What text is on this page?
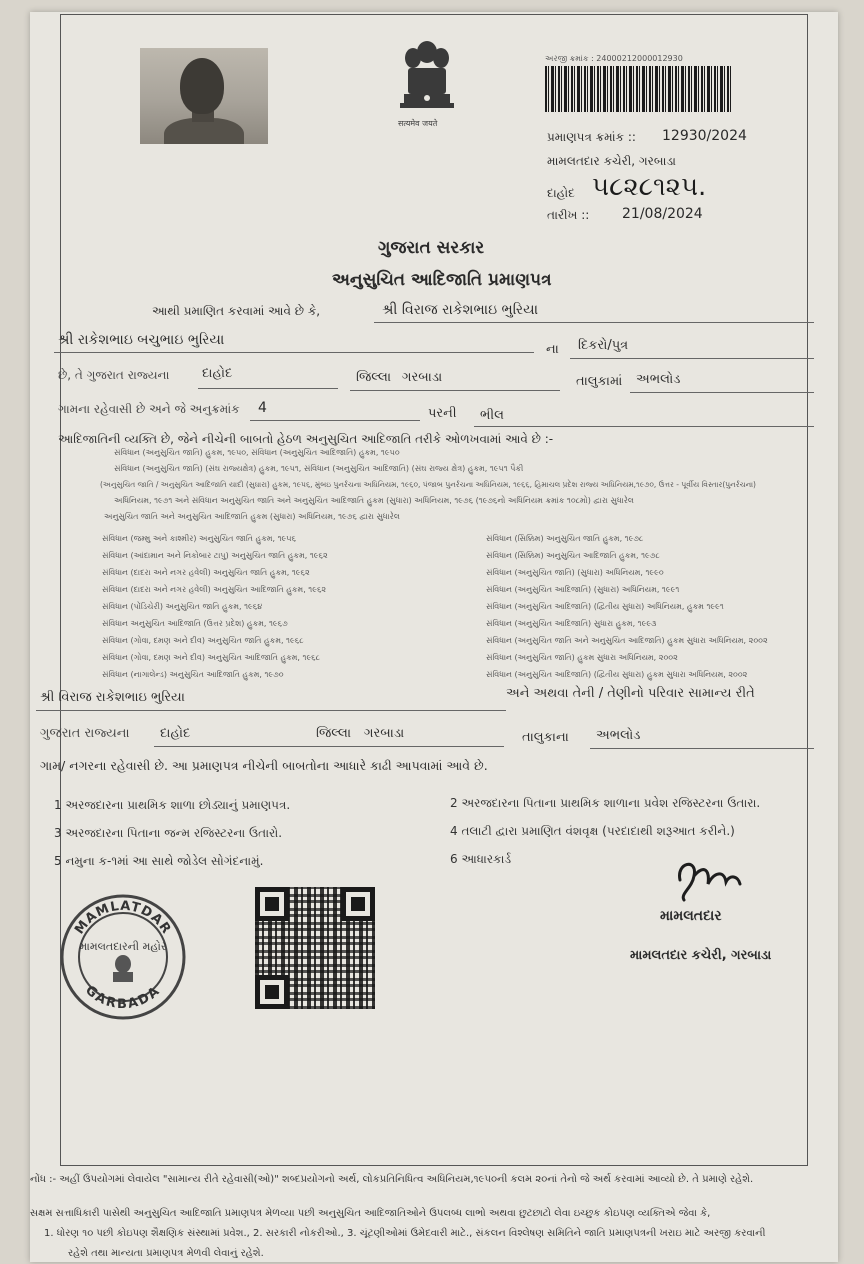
सत्यमेव जयते
અરજી ક્રમાંક : 24000212000012930
પ્રમાણપત્ર ક્રમાંક :: 12930/2024
મામલતદાર કચેરી, ગરબાડા
દાહોદ ૫૮૨૮૧૨૫.
તારીખ :: 21/08/2024
ગુજરાત સરકાર
અનુસુચિત આદિજાતિ પ્રમાણપત્ર
આથી પ્રમાણિત કરવામાં આવે છે કે,	શ્રી વિરાજ રાકેશભાઇ ભુરિયા
શ્રી રાકેશભાઇ બચુભાઇ ભુરિયા
ના દિકરો/પુત્ર
છે, તે ગુજરાત રાજ્યના	દાહોદ	જિલ્લા ગરબાડા	તાલુકામાં અભલોડ
ગામના રહેવાસી છે અને જે અનુક્રમાંક 4	પરની ભીલ
આદિજાતિની વ્યક્તિ છે, જેને નીચેની બાબતો હેઠળ અનુસુચિત આદિજાતિ તરીકે ઓળખવામાં આવે છે :-
સંવિધાન (અનુસુચિત જાતિ) હુકમ, ૧૯૫૦, સંવિધાન (અનુસુચિત આદિજાતિ) હુકમ, ૧૯૫૦
સંવિધાન (અનુસુચિત જાતિ) (સંઘ રાજ્યક્ષેત્ર) હુકમ, ૧૯૫૧, સંવિધાન (અનુસુચિત આદિજાતિ) (સંઘ રાજ્ય ક્ષેત્ર) હુકમ, ૧૯૫૧ પૈકી
(અનુસુચિત જાતિ / અનુસુચિત આદિજાતિ યાદી (સુધારા) હુકમ, ૧૯૫૬, મુંબઇ પુનર્રચના અધિનિયમ, ૧૯૬૦, પંજાબ પુનર્રચના અધિનિયમ, ૧૯૬૬, હિમાચલ પ્રદેશ રાજ્ય અધિનિયમ,૧૯૭૦, ઉત્તર - પૂર્વીય વિસ્તાર(પુનર્રચના)
અધિનિયમ, ૧૯૭૧ અને સંવિધાન અનુસુચિત જાતિ અને અનુસુચિત આદિજાતિ હુકમ (સુધારા) અધિનિયમ, ૧૯૭૬ (૧૯૭૬નો અધિનિયમ ક્રમાંક ૧૦૮મો) દ્વારા સુધારેલ
અનુસુચિત જાતિ અને અનુસુચિત આદિજાતિ હુકમ (સુધારા) અધિનિયમ, ૧૯૭૬ દ્વારા સુધારેલ
સંવિધાન (જમ્મુ અને કાશ્મીર) અનુસુચિત જાતિ હુકમ, ૧૯૫૬
સંવિધાન (આંદામાન અને નિકોબાર ટાપુ) અનુસુચિત જાતિ હુકમ, ૧૯૬૨
સંવિધાન (દાદરા અને નગર હવેલી) અનુસુચિત જાતિ હુકમ, ૧૯૬૨
સંવિધાન (દાદરા અને નગર હવેલી) અનુસુચિત આદિજાતિ હુકમ, ૧૯૬૨
સંવિધાન (પોંડિચેરી) અનુસુચિત જાતિ હુકમ, ૧૯૬૪
સંવિધાન અનુસુચિત આદિજાતિ (ઉત્તર પ્રદેશ) હુકમ, ૧૯૬૭
સંવિધાન (ગોવા, દમણ અને દીવ) અનુસુચિત જાતિ હુકમ, ૧૯૬૮
સંવિધાન (ગોવા, દમણ અને દીવ) અનુસુચિત આદિજાતિ હુકમ, ૧૯૬૮
સંવિધાન (નાગાલેન્ડ) અનુસુચિત આદિજાતિ હુકમ, ૧૯૭૦
સંવિધાન (સિક્કિમ) અનુસુચિત જાતિ હુકમ, ૧૯૭૮
સંવિધાન (સિક્કિમ) અનુસુચિત આદિજાતિ હુકમ, ૧૯૭૮
સંવિધાન (અનુસુચિત જાતિ) (સુધારા) અધિનિયમ, ૧૯૯૦
સંવિધાન (અનુસુચિત આદિજાતિ) (સુધારા) અધિનિયમ, ૧૯૯૧
સંવિધાન (અનુસુચિત આદિજાતિ) (દ્વિતીય સુધારા) અધિનિયમ, હુકમ ૧૯૯૧
સંવિધાન (અનુસુચિત આદિજાતિ) સુધારા હુકમ, ૧૯૯૩
સંવિધાન (અનુસુચિત જાતિ અને અનુસુચિત આદિજાતિ) હુકમ સુધારા અધિનિયમ, ૨૦૦૨
સંવિધાન (અનુસુચિત જાતિ) હુકમ સુધારા અધિનિયમ, ૨૦૦૨
સંવિધાન (અનુસુચિત આદિજાતિ) (દ્વિતીય સુધારા) હુકમ સુધારા અધિનિયમ, ૨૦૦૨
શ્રી વિરાજ રાકેશભાઇ ભુરિયા	અને અથવા તેની / તેણીનો પરિવાર સામાન્ય રીતે
ગુજરાત રાજ્યના દાહોદ	જિલ્લા ગરબાડા	તાલુકાના અભલોડ
ગામ/ નગરના રહેવાસી છે. આ પ્રમાણપત્ર નીચેની બાબતોના આધારે કાઢી આપવામાં આવે છે.
1 અરજદારના પ્રાથમિક શાળા છોડ્યાનું પ્રમાણપત્ર.	2 અરજદારના પિતાના પ્રાથમિક શાળાના પ્રવેશ રજિસ્ટરના ઉતારા.
3 અરજદારના પિતાના જન્મ રજિસ્ટરના ઉતારો.	4 તલાટી દ્વારા પ્રમાણિત વંશવૃક્ષ (પરદાદાથી શરૂઆત કરીને.)
5 નમુના ક-૧માં આ સાથે જોડેલ સોગંદનામું.	6 આધારકાર્ડ
MAMLATDAR
GARBADA
મામલતદારની મહોર
મામલતદાર
મામલતદાર કચેરી, ગરબાડા
નોંધ :- અહીં ઉપયોગમાં લેવાયેલ "સામાન્ય રીતે રહેવાસી(ઓ)" શબ્દપ્રયોગનો અર્થ, લોકપ્રતિનિધિત્વ અધિનિયમ,૧૯૫૦ની કલમ ૨૦નાં તેનો જે અર્થ કરવામાં આવ્યો છે. તે પ્રમાણે રહેશે.
સક્ષમ સત્તાધિકારી પાસેથી અનુસુચિત આદિજાતિ પ્રમાણપત્ર મેળવ્યા પછી અનુસુચિત આદિજાતિઓને ઉપલબ્ધ લાભો અથવા છુટછાટો લેવા ઇચ્છુક કોઇપણ વ્યક્તિએ જેવા કે,
1. ધોરણ ૧૦ પછી કોઇપણ શૈક્ષણિક સંસ્થામાં પ્રવેશ., 2. સરકારી નોકરીઓ., 3. ચૂંટણીઓમાં ઉમેદવારી માટે., સંકલન વિશ્લેષણ સમિતિને જાતિ પ્રમાણપત્રની ખરાઇ માટે અરજી કરવાની
રહેશે તથા માન્યતા પ્રમાણપત્ર મેળવી લેવાનું રહેશે.
